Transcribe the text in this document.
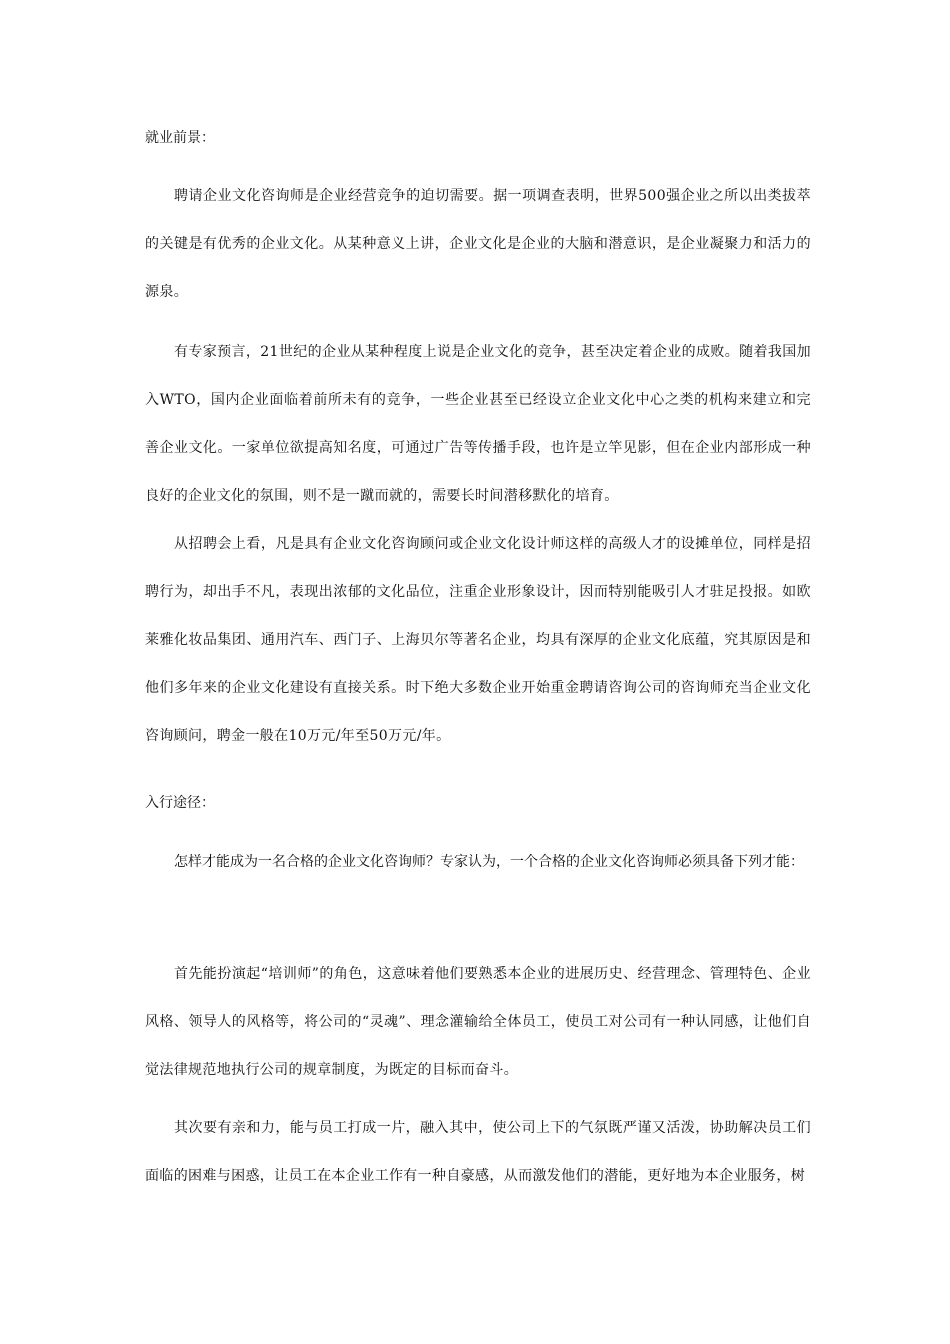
就业前景：
聘请企业文化咨询师是企业经营竞争的迫切需要。据一项调查表明，世界500强企业之所以出类拔萃的关键是有优秀的企业文化。从某种意义上讲，企业文化是企业的大脑和潜意识，是企业凝聚力和活力的源泉。
有专家预言，21世纪的企业从某种程度上说是企业文化的竞争，甚至决定着企业的成败。随着我国加入WTO，国内企业面临着前所未有的竞争，一些企业甚至已经设立企业文化中心之类的机构来建立和完善企业文化。一家单位欲提高知名度，可通过广告等传播手段，也许是立竿见影，但在企业内部形成一种良好的企业文化的氛围，则不是一蹴而就的，需要长时间潜移默化的培育。
从招聘会上看，凡是具有企业文化咨询顾问或企业文化设计师这样的高级人才的设摊单位，同样是招聘行为，却出手不凡，表现出浓郁的文化品位，注重企业形象设计，因而特别能吸引人才驻足投报。如欧莱雅化妆品集团、通用汽车、西门子、上海贝尔等著名企业，均具有深厚的企业文化底蕴，究其原因是和他们多年来的企业文化建设有直接关系。时下绝大多数企业开始重金聘请咨询公司的咨询师充当企业文化咨询顾问，聘金一般在10万元/年至50万元/年。
入行途径：
怎样才能成为一名合格的企业文化咨询师？专家认为，一个合格的企业文化咨询师必须具备下列才能：
首先能扮演起“培训师”的角色，这意味着他们要熟悉本企业的进展历史、经营理念、管理特色、企业风格、领导人的风格等，将公司的“灵魂”、理念灌输给全体员工，使员工对公司有一种认同感，让他们自觉法律规范地执行公司的规章制度，为既定的目标而奋斗。
其次要有亲和力，能与员工打成一片，融入其中，使公司上下的气氛既严谨又活泼，协助解决员工们面临的困难与困惑，让员工在本企业工作有一种自豪感，从而激发他们的潜能，更好地为本企业服务，树
